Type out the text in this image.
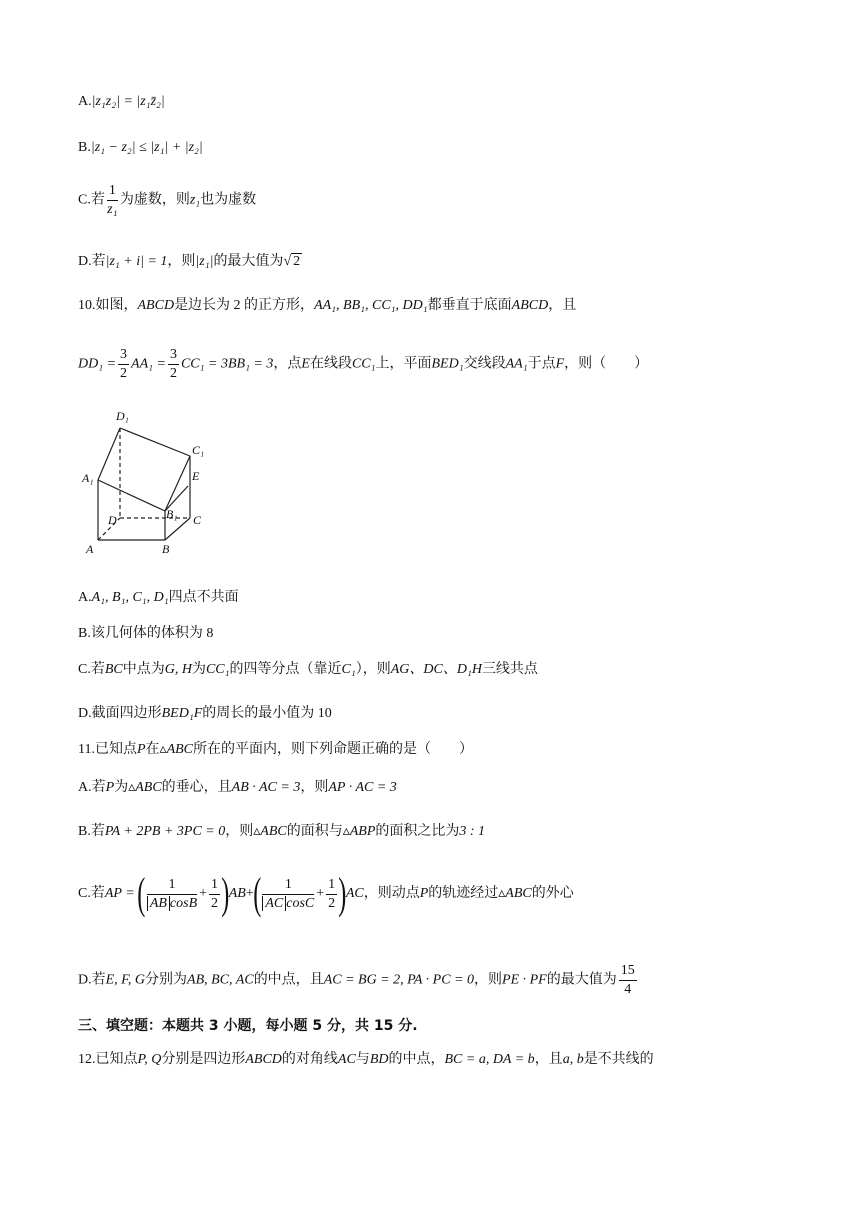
A.|z₁z₂| = |z₁z̄₂|
B.|z₁ − z₂| ≤ |z₁| + |z₂|
C.若 $\frac{1}{\text{z₁}}$ 为虚数，则z₁也为虚数
D.若|z₁ + i| = 1，则|z₁|的最大值为√ 2
10.如图，ABCD是边长为 2 的正方形，AA₁, BB₁, CC₁, DD₁都垂直于底面ABCD，且
$DD_1 = \frac{3}{2} AA_1 = \frac{3}{2} CC_1 = 3BB_1 = 3$，点E在线段CC₁上，平面BED₁交线段AA₁于点F，则（　　）
D₁
C₁
E
A₁
D	B₁ C
A	B
A.A₁, B₁, C₁, D₁四点不共面
B.该几何体的体积为 8
C.若BC中点为G, H为CC₁的四等分点（靠近C₁），则AG、DC、D₁H三线共点
D.截面四边形BED₁F的周长的最小值为 10
11.已知点P在▵ABC所在的平面内，则下列命题正确的是（　　）
A.若P为▵ABC的垂心，且AB · AC = 3，则AP · AC = 3
B.若PA + 2PB + 3PC = 0，则▵ABC的面积与▵ABP的面积之比为3 : 1
C.若AP = ( $\frac{1}{\text{AB cosB}} + \frac{1}{2} )AB+( \frac{1}{\text{AC cosC}} + \frac{1}{2} )AC$，则动点P的轨迹经过▵ABC的外心
D.若E, F, G分别为AB, BC, AC的中点，且AC = BG = 2, PA · PC = 0，则PE · PF的最大值为 $\frac{15}{4}$
三、填空题：本题共 3 小题，每小题 5 分，共 15 分.
12.已知点P, Q分别是四边形ABCD的对角线AC与BD的中点，BC = a, DA = b，且a, b是不共线的
